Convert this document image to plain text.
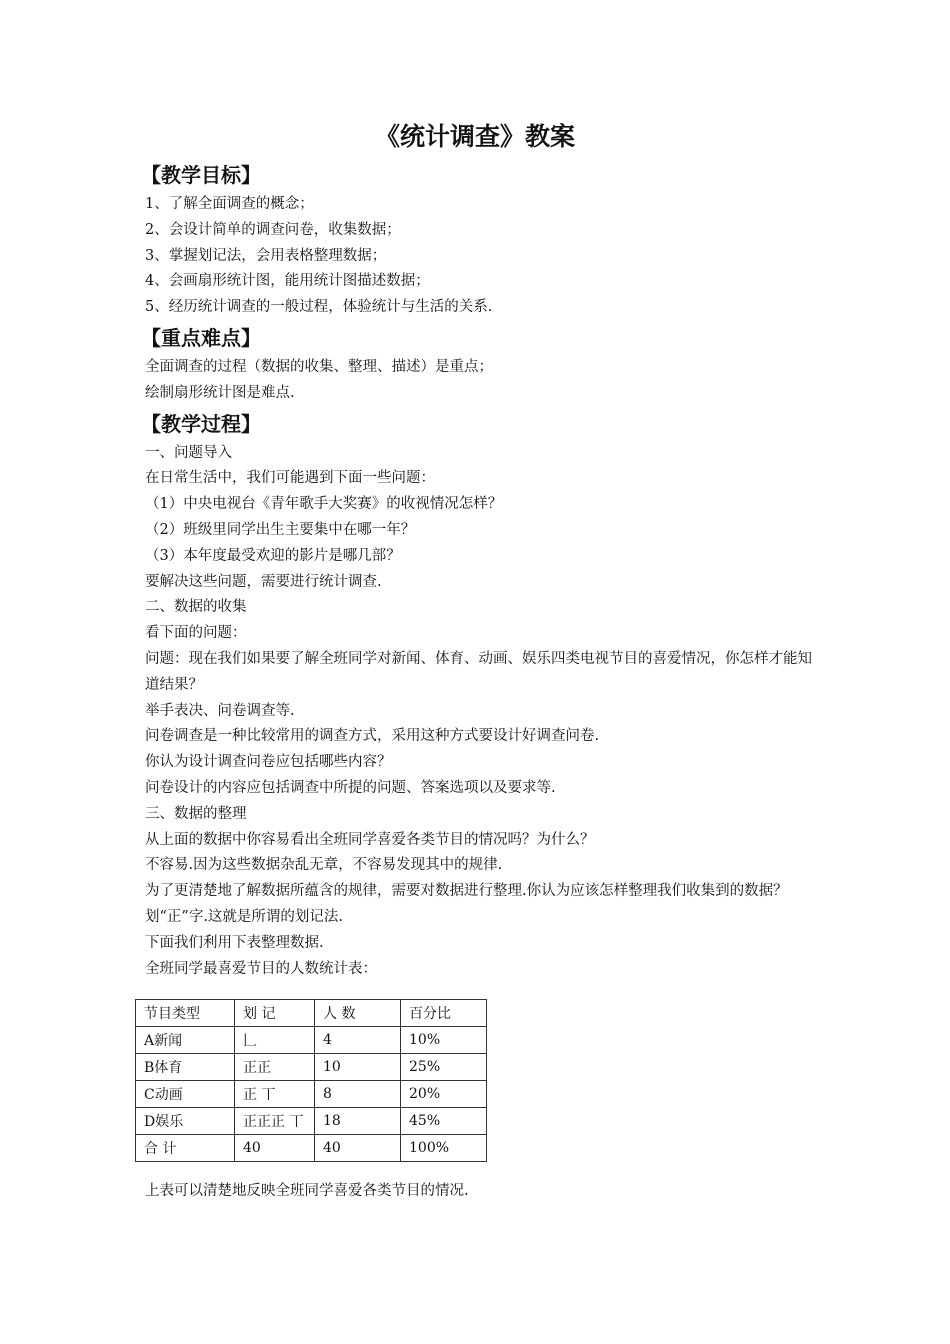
《统计调查》教案
【教学目标】
1、了解全面调查的概念；
2、会设计简单的调查问卷，收集数据；
3、掌握划记法，会用表格整理数据；
4、会画扇形统计图，能用统计图描述数据；
5、经历统计调查的一般过程，体验统计与生活的关系.
【重点难点】
全面调查的过程（数据的收集、整理、描述）是重点；
绘制扇形统计图是难点.
【教学过程】
一、问题导入
在日常生活中，我们可能遇到下面一些问题：
（1）中央电视台《青年歌手大奖赛》的收视情况怎样？
（2）班级里同学出生主要集中在哪一年？
（3）本年度最受欢迎的影片是哪几部？
要解决这些问题，需要进行统计调查.
二、数据的收集
看下面的问题：
问题：现在我们如果要了解全班同学对新闻、体育、动画、娱乐四类电视节目的喜爱情况，你怎样才能知道结果？
举手表决、问卷调查等.
问卷调查是一种比较常用的调查方式，采用这种方式要设计好调查问卷.
你认为设计调查问卷应包括哪些内容？
问卷设计的内容应包括调查中所提的问题、答案选项以及要求等.
三、数据的整理
从上面的数据中你容易看出全班同学喜爱各类节目的情况吗？为什么？
不容易.因为这些数据杂乱无章，不容易发现其中的规律.
为了更清楚地了解数据所蕴含的规律，需要对数据进行整理.你认为应该怎样整理我们收集到的数据？
划“正”字.这就是所谓的划记法.
下面我们利用下表整理数据.
全班同学最喜爱节目的人数统计表：
节目类型	划 记	人 数	百分比
A新闻	𠃊	4	10%
B体育	正正	10	25%
C动画	正 丅	8	20%
D娱乐	正正正 丅	18	45%
合 计	40	40	100%
上表可以清楚地反映全班同学喜爱各类节目的情况.
